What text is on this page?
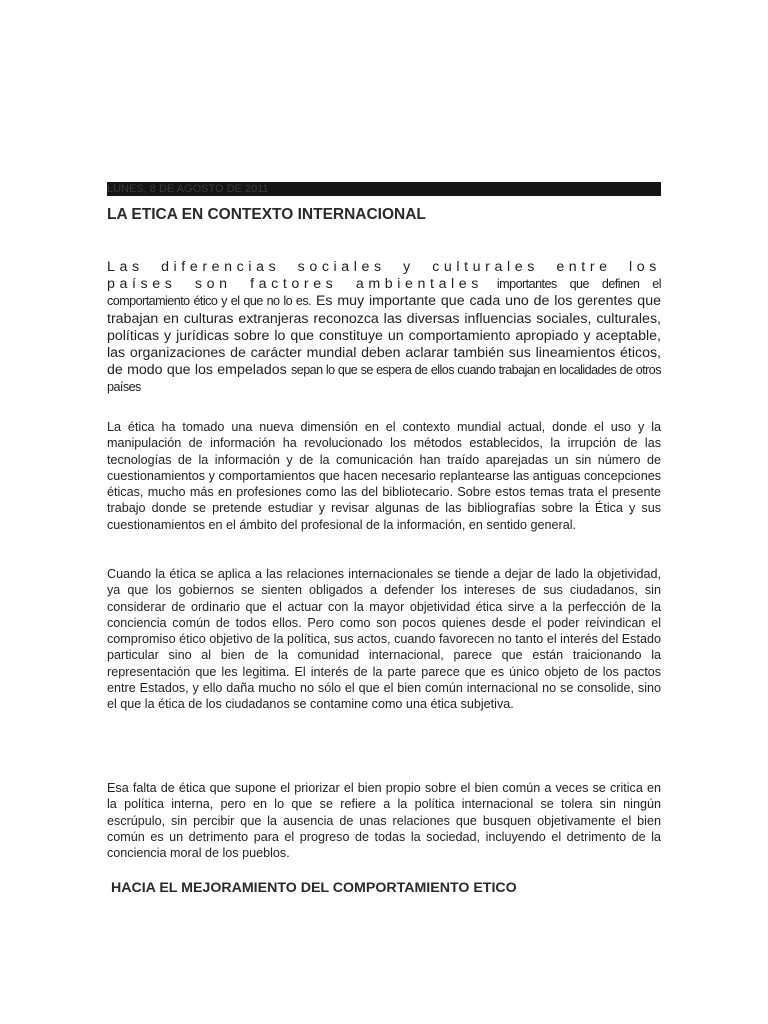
LUNES, 8 DE AGOSTO DE 2011
LA ETICA EN CONTEXTO INTERNACIONAL
Las diferencias sociales y culturales entre los países son factores ambientales importantes que definen el comportamiento ético y el que no lo es. Es muy importante que cada uno de los gerentes que trabajan en culturas extranjeras reconozca las diversas influencias sociales, culturales, políticas y jurídicas sobre lo que constituye un comportamiento apropiado y aceptable, las organizaciones de carácter mundial deben aclarar también sus lineamientos éticos, de modo que los empelados sepan lo que se espera de ellos cuando trabajan en localidades de otros países

La ética ha tomado una nueva dimensión en el contexto mundial actual, donde el uso y la manipulación de información ha revolucionado los métodos establecidos, la irrupción de las tecnologías de la información y de la comunicación han traído aparejadas un sin número de cuestionamientos y comportamientos que hacen necesario replantearse las antiguas concepciones éticas, mucho más en profesiones como las del bibliotecario. Sobre estos temas trata el presente trabajo donde se pretende estudiar y revisar algunas de las bibliografías sobre la Ética y sus cuestionamientos en el ámbito del profesional de la información, en sentido general.

Cuando la ética se aplica a las relaciones internacionales se tiende a dejar de lado la objetividad, ya que los gobiernos se sienten obligados a defender los intereses de sus ciudadanos, sin considerar de ordinario que el actuar con la mayor objetividad ética sirve a la perfección de la conciencia común de todos ellos. Pero como son pocos quienes desde el poder reivindican el compromiso ético objetivo de la política, sus actos, cuando favorecen no tanto el interés del Estado particular sino al bien de la comunidad internacional, parece que están traicionando la representación que les legitima. El interés de la parte parece que es único objeto de los pactos entre Estados, y ello daña mucho no sólo el que el bien común internacional no se consolide, sino el que la ética de los ciudadanos se contamine como una ética subjetiva.

Esa falta de ética que supone el priorizar el bien propio sobre el bien común a veces se critica en la política interna, pero en lo que se refiere a la política internacional se tolera sin ningún escrúpulo, sin percibir que la ausencia de unas relaciones que busquen objetivamente el bien común es un detrimento para el progreso de todas la sociedad, incluyendo el detrimento de la conciencia moral de los pueblos.

HACIA EL MEJORAMIENTO DEL COMPORTAMIENTO ETICO
